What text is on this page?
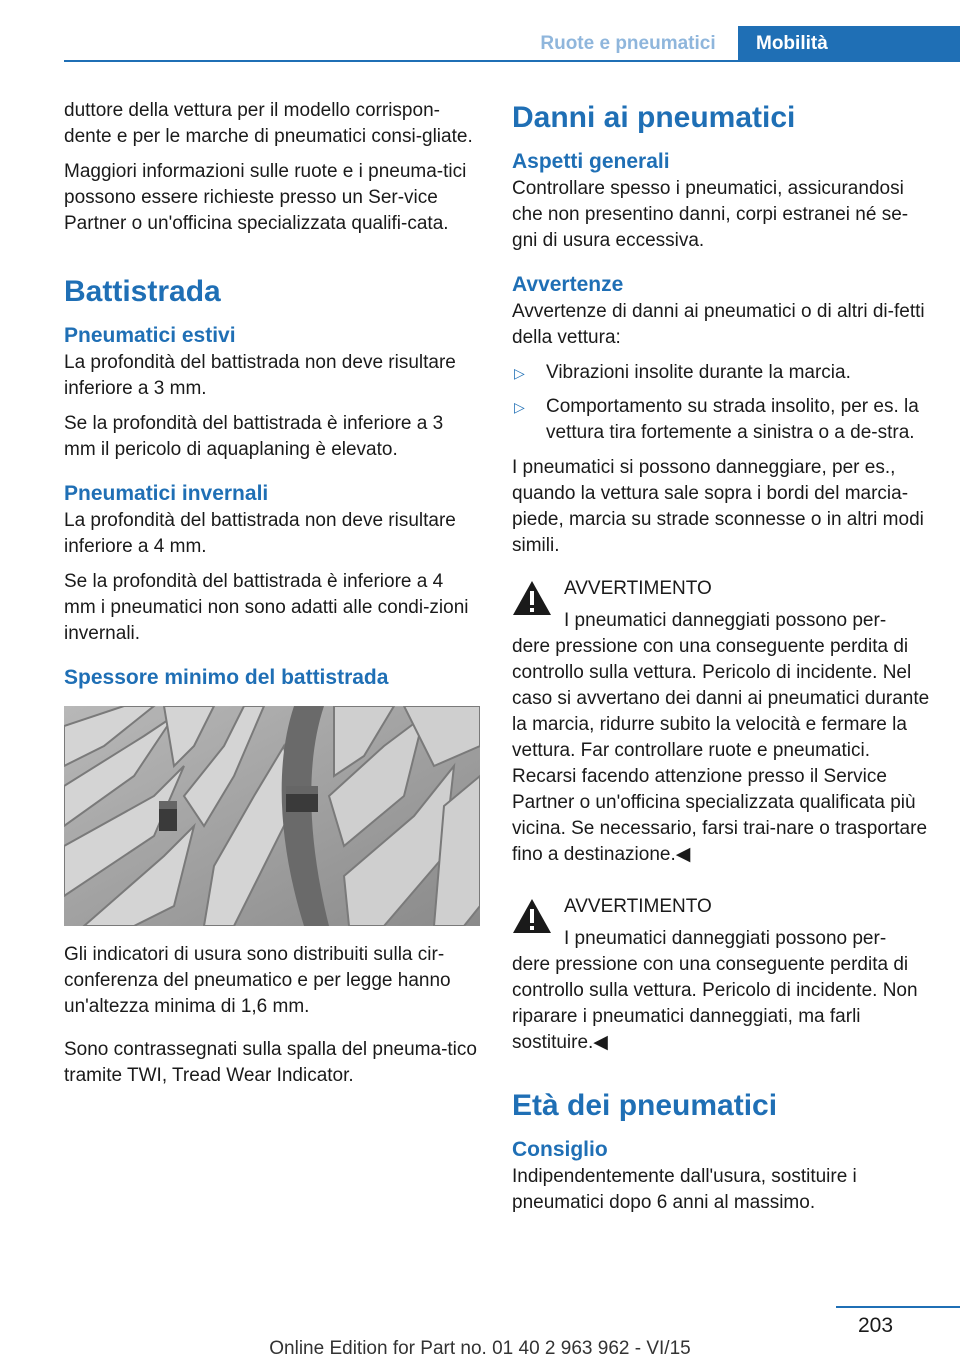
Ruote e pneumatici	Mobilità

duttore della vettura per il modello corrispon-dente e per le marche di pneumatici consi-gliate.

Maggiori informazioni sulle ruote e i pneuma-tici possono essere richieste presso un Ser-vice Partner o un'officina specializzata qualifi-cata.

Battistrada
Pneumatici estivi

La profondità del battistrada non deve risultare inferiore a 3 mm.

Se la profondità del battistrada è inferiore a 3 mm il pericolo di aquaplaning è elevato.

Pneumatici invernali

La profondità del battistrada non deve risultare inferiore a 4 mm.

Se la profondità del battistrada è inferiore a 4 mm i pneumatici non sono adatti alle condi-zioni invernali.

Spessore minimo del battistrada

Gli indicatori di usura sono distribuiti sulla cir-conferenza del pneumatico e per legge hanno un'altezza minima di 1,6 mm.

Sono contrassegnati sulla spalla del pneuma-tico tramite TWI, Tread Wear Indicator.

Danni ai pneumatici
Aspetti generali

Controllare spesso i pneumatici, assicurandosi che non presentino danni, corpi estranei né se-gni di usura eccessiva.

Avvertenze

Avvertenze di danni ai pneumatici o di altri di-fetti della vettura:

▷ Vibrazioni insolite durante la marcia.
▷ Comportamento su strada insolito, per es. la vettura tira fortemente a sinistra o a de-stra.

I pneumatici si possono danneggiare, per es., quando la vettura sale sopra i bordi del marcia-piede, marcia su strade sconnesse o in altri modi simili.

AVVERTIMENTO

I pneumatici danneggiati possono per-

dere pressione con una conseguente perdita di controllo sulla vettura. Pericolo di incidente. Nel caso si avvertano dei danni ai pneumatici durante la marcia, ridurre subito la velocità e fermare la vettura. Far controllare ruote e pneumatici. Recarsi facendo attenzione presso il Service Partner o un'officina specializzata qualificata più vicina. Se necessario, farsi trai-nare o trasportare fino a destinazione.◀

AVVERTIMENTO

I pneumatici danneggiati possono per-

dere pressione con una conseguente perdita di controllo sulla vettura. Pericolo di incidente. Non riparare i pneumatici danneggiati, ma farli sostituire.◀

Età dei pneumatici
Consiglio

Indipendentemente dall'usura, sostituire i pneumatici dopo 6 anni al massimo.

203
Online Edition for Part no. 01 40 2 963 962 - VI/15
